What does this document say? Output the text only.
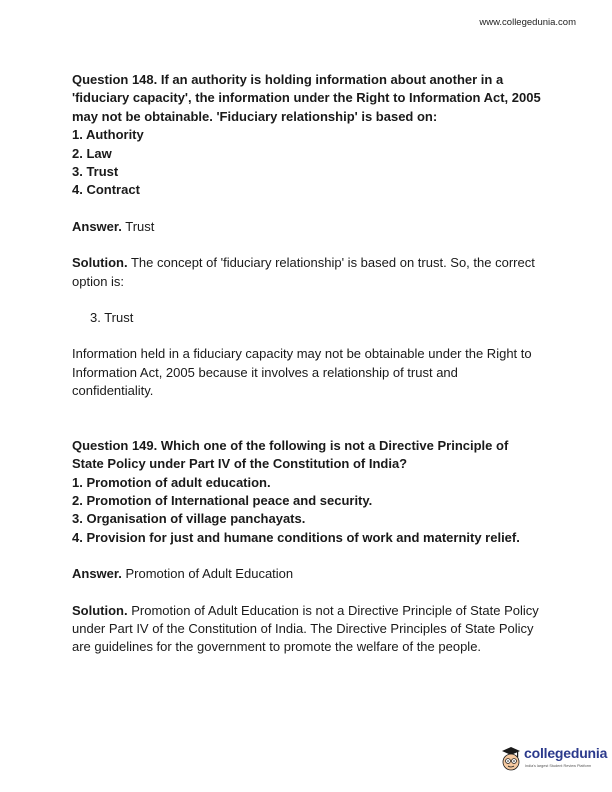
www.collegedunia.com

Question 148. If an authority is holding information about another in a 'fiduciary capacity', the information under the Right to Information Act, 2005 may not be obtainable. 'Fiduciary relationship' is based on:

1. Authority

2. Law

3. Trust

4. Contract

Answer. Trust
Solution. The concept of 'fiduciary relationship' is based on trust. So, the correct option is:
3. Trust
Information held in a fiduciary capacity may not be obtainable under the Right to Information Act, 2005 because it involves a relationship of trust and confidentiality.

Question 149. Which one of the following is not a Directive Principle of State Policy under Part IV of the Constitution of India?

1. Promotion of adult education.

2. Promotion of International peace and security.

3. Organisation of village panchayats.

4. Provision for just and humane conditions of work and maternity relief.

Answer. Promotion of Adult Education
Solution. Promotion of Adult Education is not a Directive Principle of State Policy under Part IV of the Constitution of India. The Directive Principles of State Policy are guidelines for the government to promote the welfare of the people.
collegedunia
India's largest Student Review Platform
